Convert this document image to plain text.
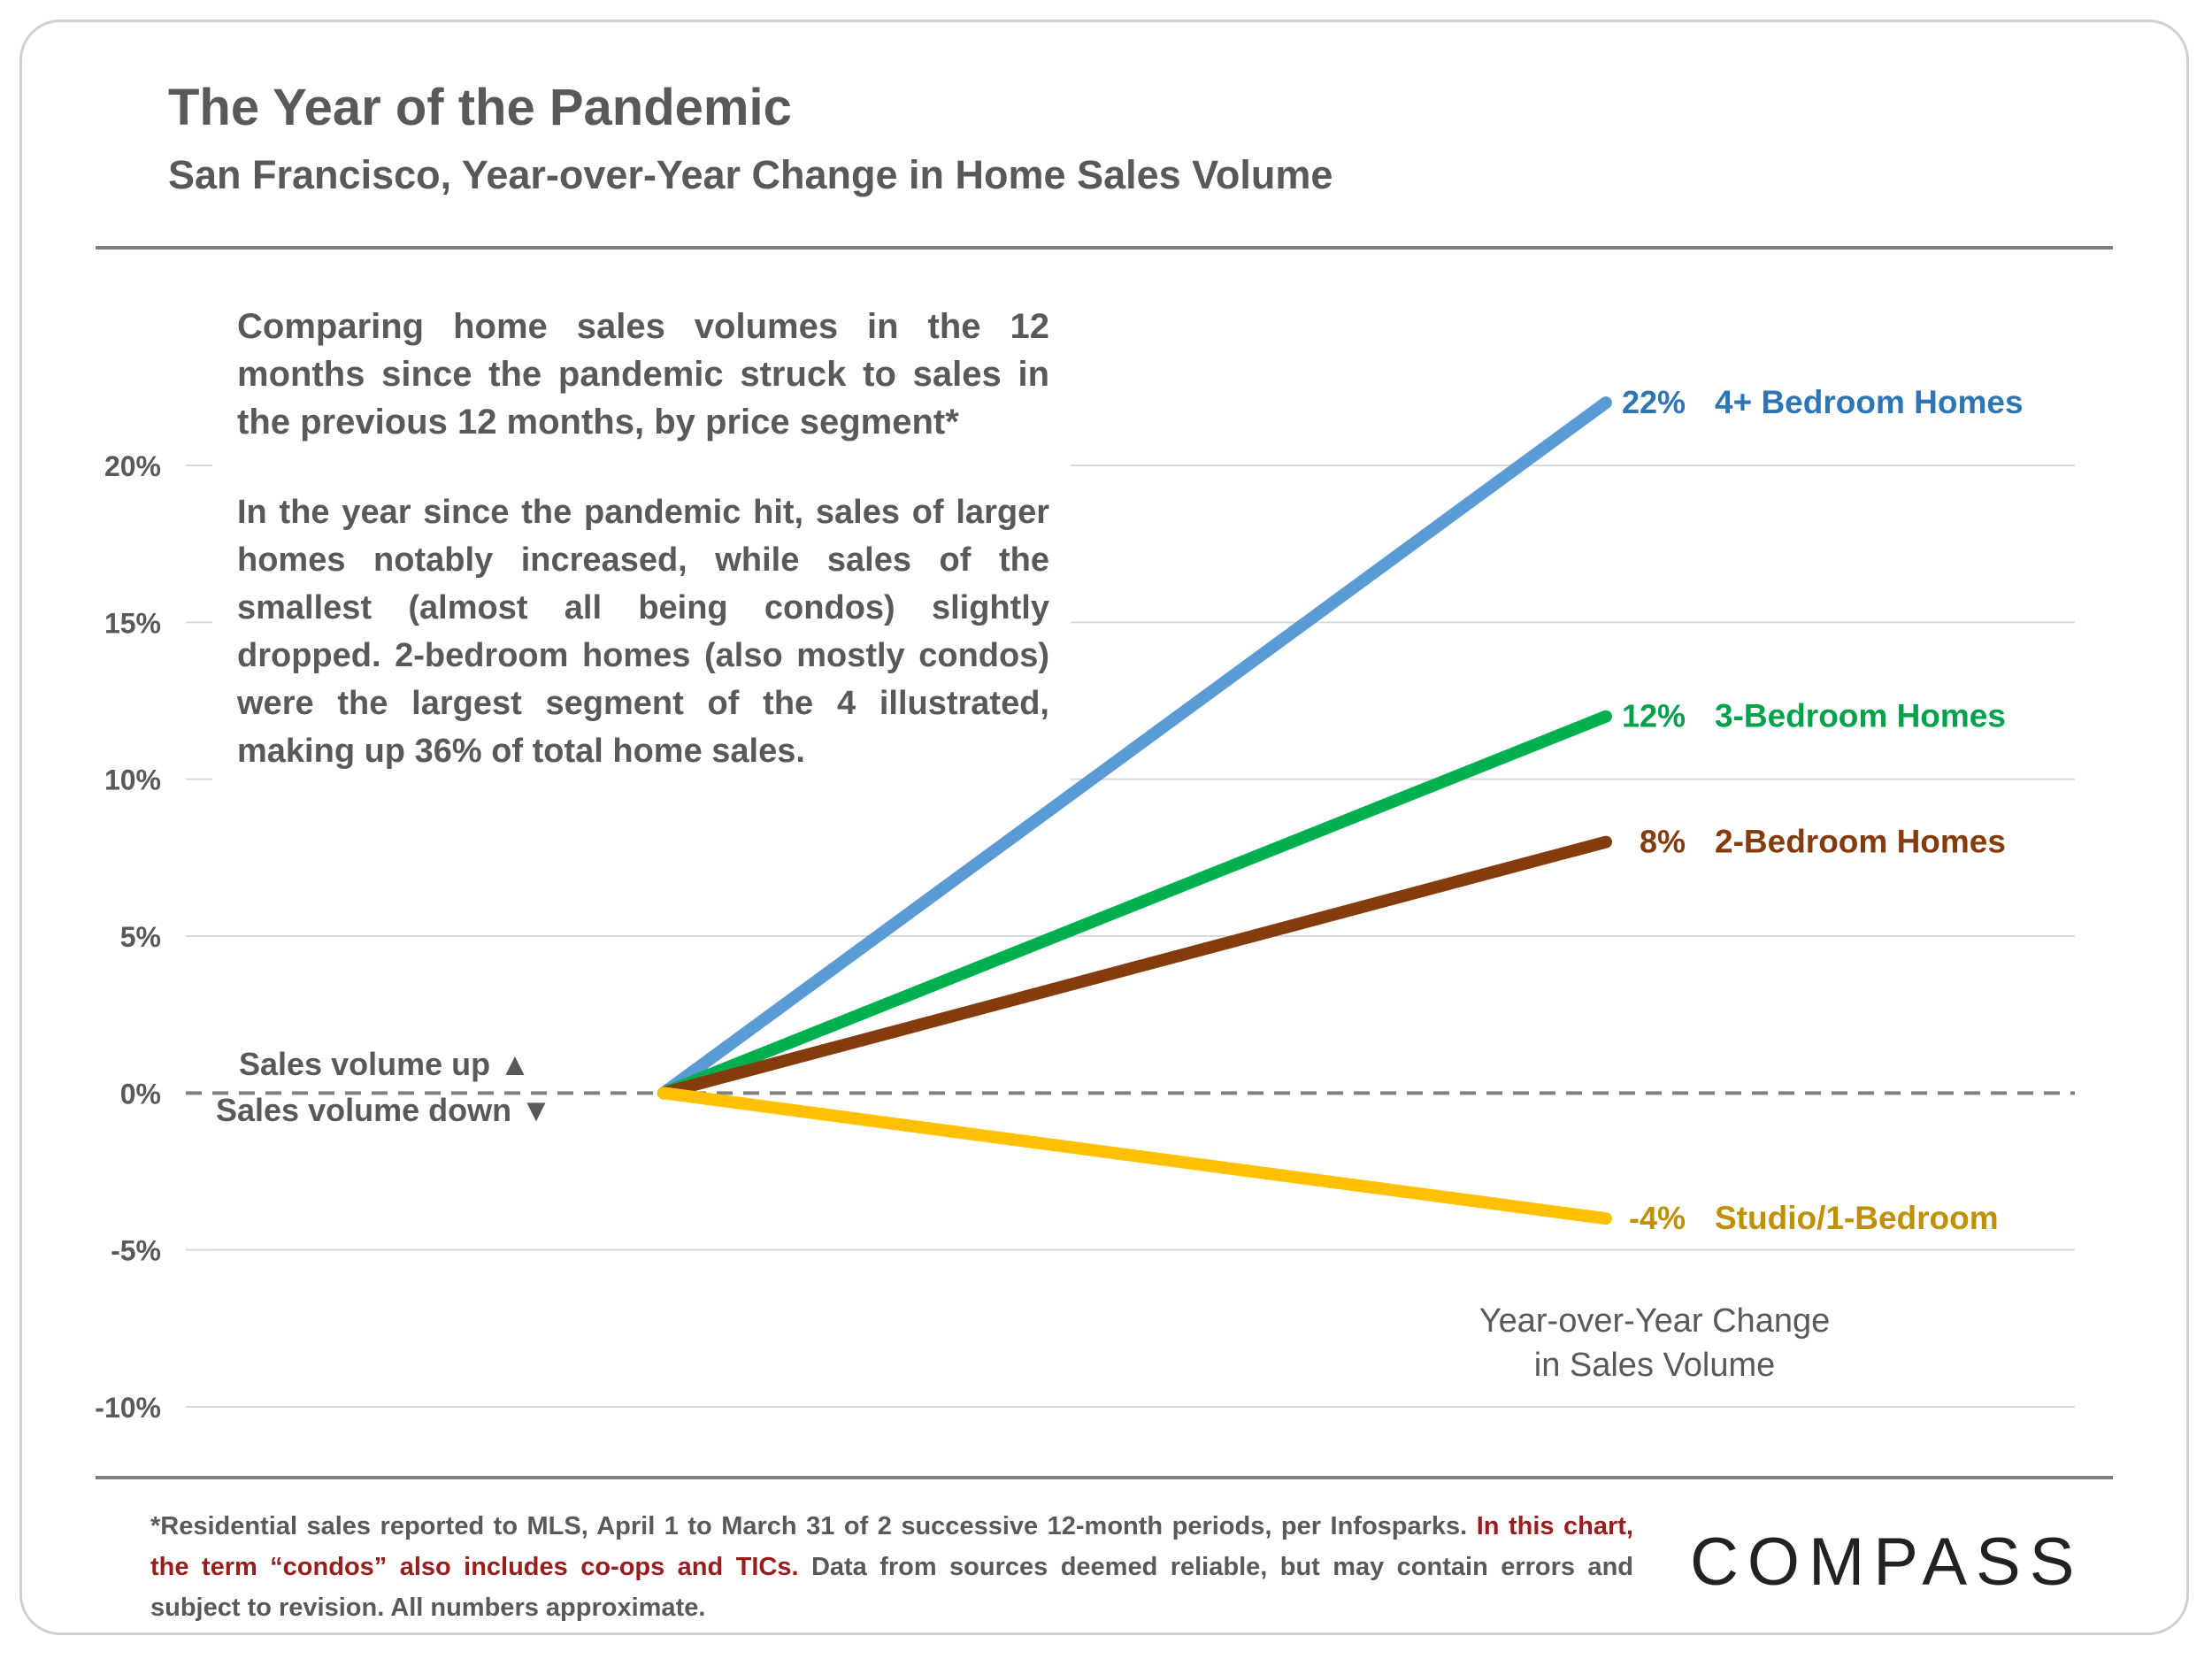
The Year of the Pandemic
San Francisco, Year-over-Year Change in Home Sales Volume
20%
15%
10%
5%
0%
-5%
-10%
22% 4+ Bedroom Homes
12% 3-Bedroom Homes
8% 2-Bedroom Homes
-4% Studio/1-Bedroom
Comparing home sales volumes in the 12 months since the pandemic struck to sales in the previous 12 months, by price segment*
In the year since the pandemic hit, sales of larger homes notably increased, while sales of the smallest (almost all being condos) slightly dropped. 2-bedroom homes (also mostly condos) were the largest segment of the 4 illustrated, making up 36% of total home sales.
Sales volume up ▲
Sales volume down ▼
Year-over-Year Change
in Sales Volume
*Residential sales reported to MLS, April 1 to March 31 of 2 successive 12-month periods, per Infosparks. In this chart, the term “condos” also includes co-ops and TICs. Data from sources deemed reliable, but may contain errors and subject to revision. All numbers approximate.
COMPASS
